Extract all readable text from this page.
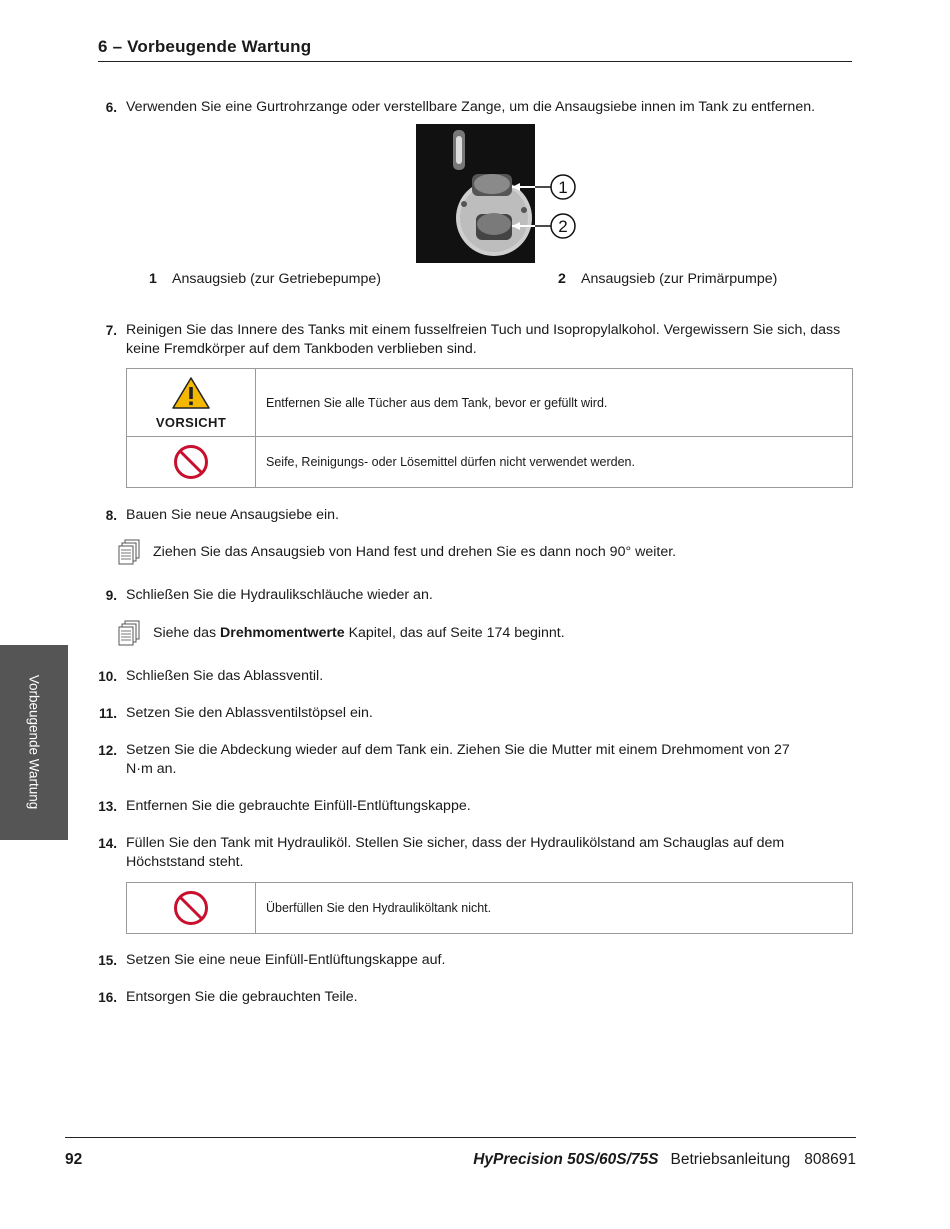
6 – Vorbeugende Wartung
6. Verwenden Sie eine Gurtrohrzange oder verstellbare Zange, um die Ansaugsiebe innen im Tank zu entfernen.
1
2
1 Ansaugsieb (zur Getriebepumpe)	2 Ansaugsieb (zur Primärpumpe)
7. Reinigen Sie das Innere des Tanks mit einem fusselfreien Tuch und Isopropylalkohol. Vergewissern Sie sich, dass keine Fremdkörper auf dem Tankboden verblieben sind.
VORSICHT	Entfernen Sie alle Tücher aus dem Tank, bevor er gefüllt wird.
	Seife, Reinigungs- oder Lösemittel dürfen nicht verwendet werden.
8. Bauen Sie neue Ansaugsiebe ein.
Ziehen Sie das Ansaugsieb von Hand fest und drehen Sie es dann noch 90° weiter.
9. Schließen Sie die Hydraulikschläuche wieder an.
Siehe das Drehmomentwerte Kapitel, das auf Seite 174 beginnt.
10. Schließen Sie das Ablassventil.
11. Setzen Sie den Ablassventilstöpsel ein.
12. Setzen Sie die Abdeckung wieder auf dem Tank ein. Ziehen Sie die Mutter mit einem Drehmoment von 27 N·m an.
13. Entfernen Sie die gebrauchte Einfüll-Entlüftungskappe.
14. Füllen Sie den Tank mit Hydrauliköl. Stellen Sie sicher, dass der Hydraulikölstand am Schauglas auf dem Höchststand steht.
	Überfüllen Sie den Hydrauliköltank nicht.
15. Setzen Sie eine neue Einfüll-Entlüftungskappe auf.
16. Entsorgen Sie die gebrauchten Teile.
Vorbeugende Wartung
92	HyPrecision 50S/60S/75S Betriebsanleitung 808691
